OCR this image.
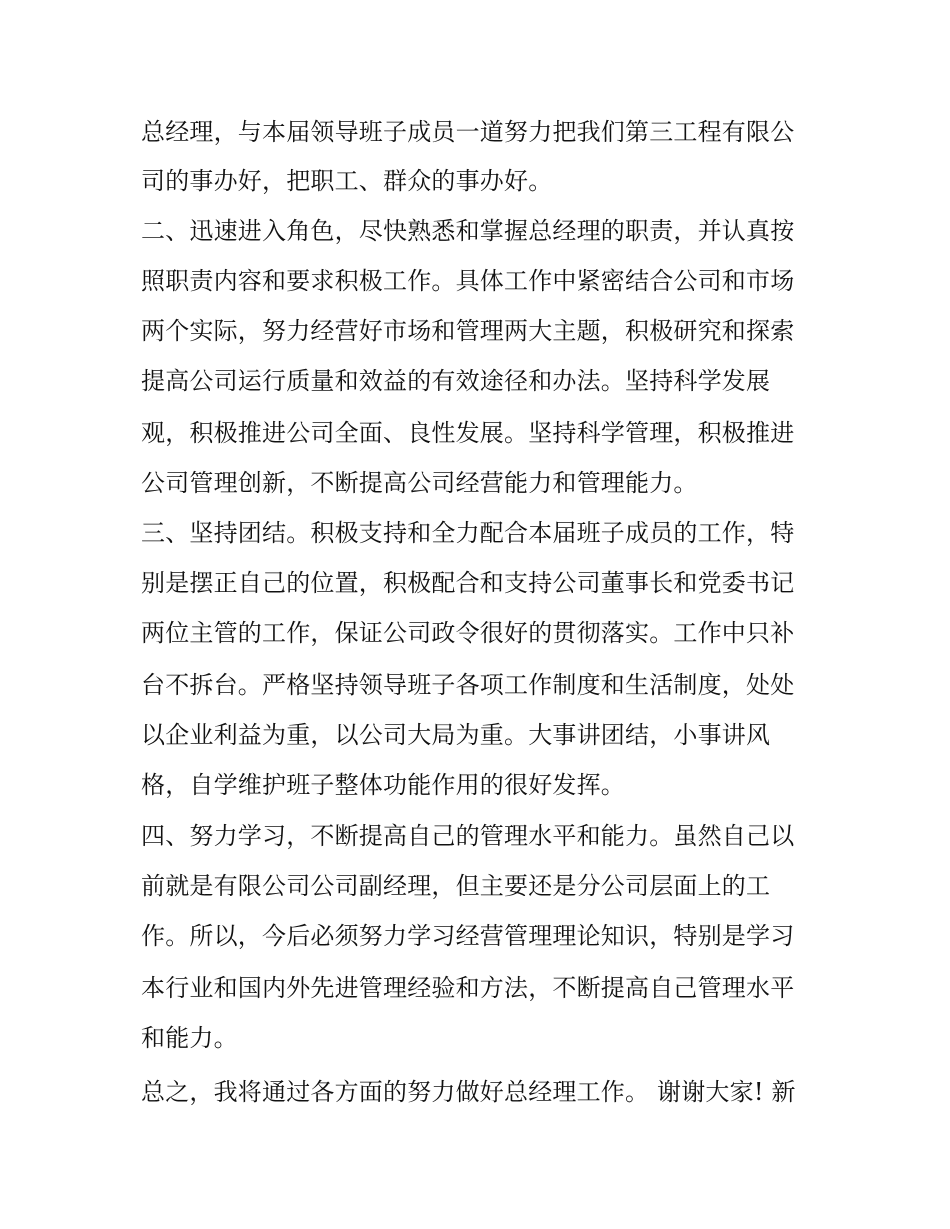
总经理，与本届领导班子成员一道努力把我们第三工程有限公
司的事办好，把职工、群众的事办好。
二、迅速进入角色，尽快熟悉和掌握总经理的职责，并认真按
照职责内容和要求积极工作。具体工作中紧密结合公司和市场
两个实际，努力经营好市场和管理两大主题，积极研究和探索
提高公司运行质量和效益的有效途径和办法。坚持科学发展
观，积极推进公司全面、良性发展。坚持科学管理，积极推进
公司管理创新，不断提高公司经营能力和管理能力。
三、坚持团结。积极支持和全力配合本届班子成员的工作，特
别是摆正自己的位置，积极配合和支持公司董事长和党委书记
两位主管的工作，保证公司政令很好的贯彻落实。工作中只补
台不拆台。严格坚持领导班子各项工作制度和生活制度，处处
以企业利益为重，以公司大局为重。大事讲团结，小事讲风
格，自学维护班子整体功能作用的很好发挥。
四、努力学习，不断提高自己的管理水平和能力。虽然自己以
前就是有限公司公司副经理，但主要还是分公司层面上的工
作。所以，今后必须努力学习经营管理理论知识，特别是学习
本行业和国内外先进管理经验和方法，不断提高自己管理水平
和能力。
总之，我将通过各方面的努力做好总经理工作。 谢谢大家! 新
